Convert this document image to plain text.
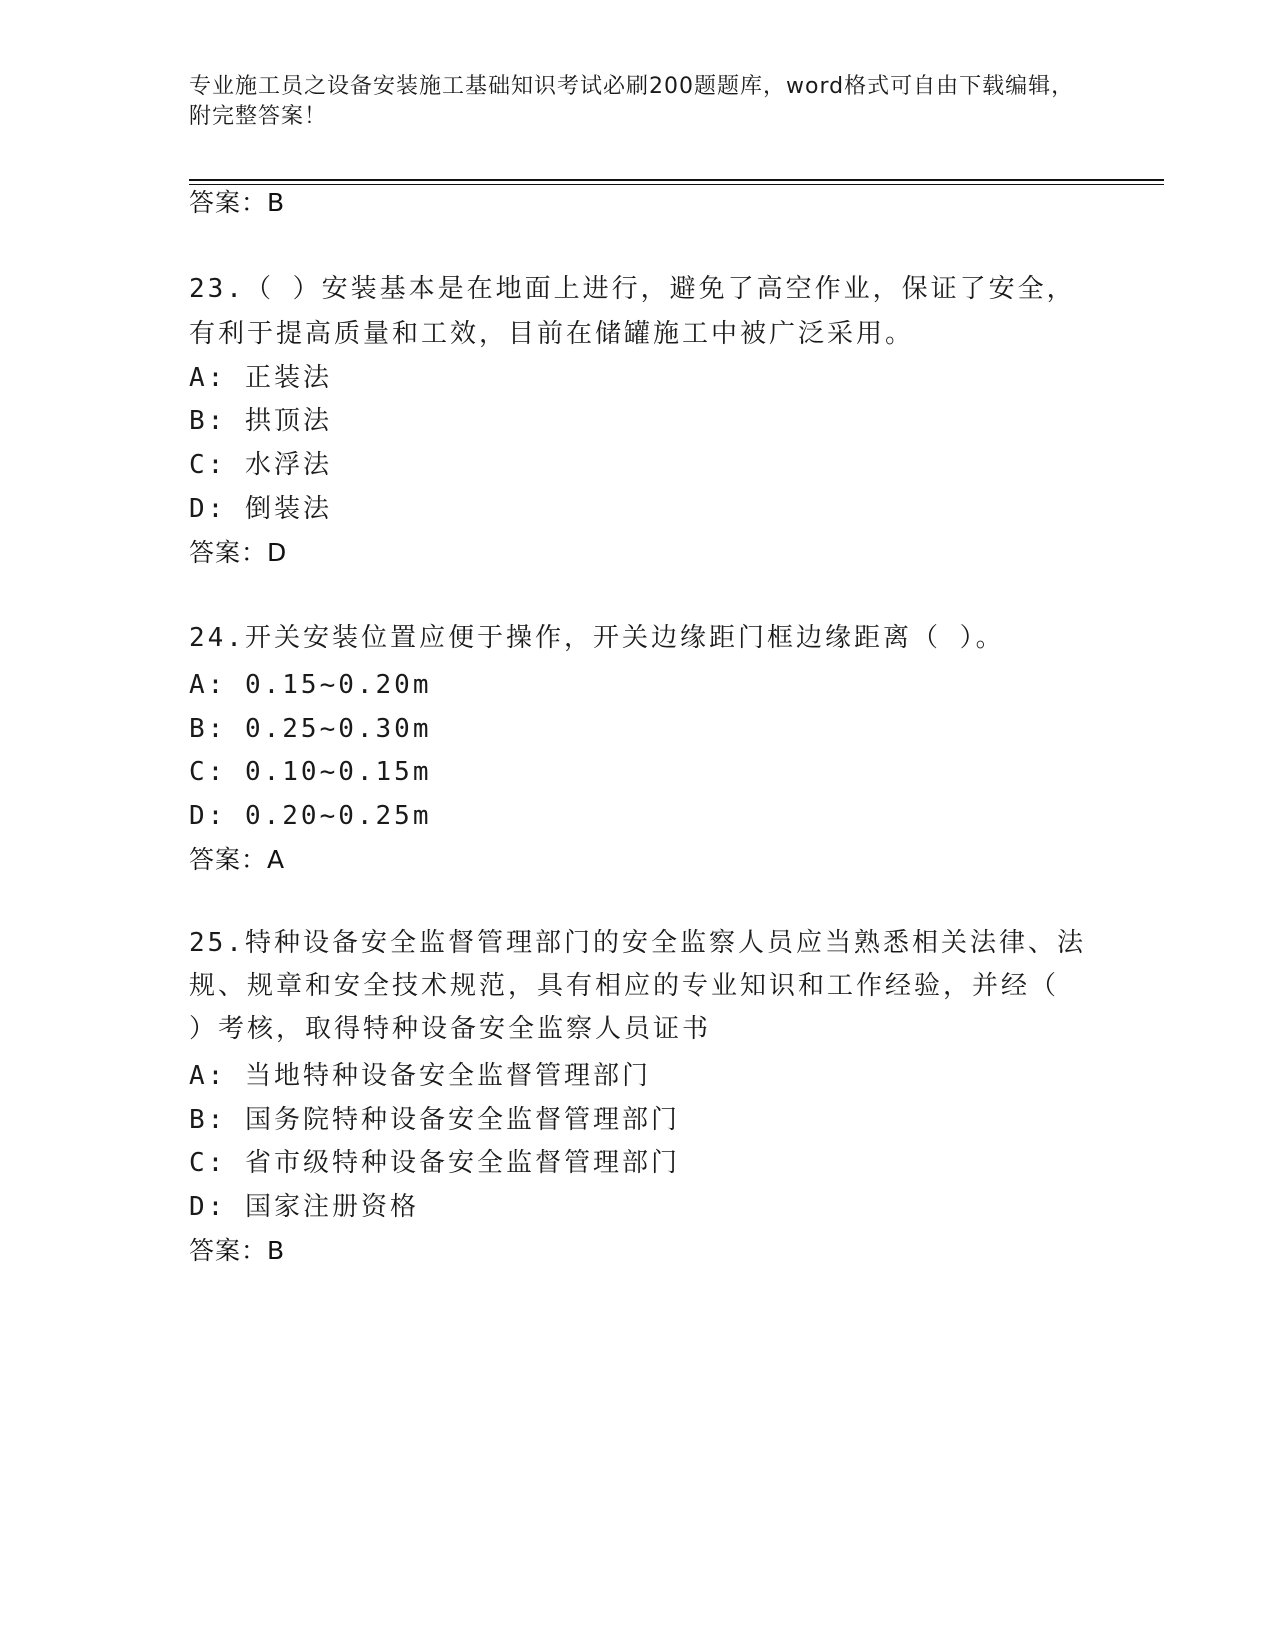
专业施工员之设备安装施工基础知识考试必刷200题题库，word格式可自由下载编辑，附完整答案！
答案：B
23.（ ）安装基本是在地面上进行，避免了高空作业，保证了安全，有利于提高质量和工效，目前在储罐施工中被广泛采用。
A: 正装法
B: 拱顶法
C: 水浮法
D: 倒装法
答案：D
24.开关安装位置应便于操作，开关边缘距门框边缘距离（ ）。
A: 0.15~0.20m
B: 0.25~0.30m
C: 0.10~0.15m
D: 0.20~0.25m
答案：A
25.特种设备安全监督管理部门的安全监察人员应当熟悉相关法律、法规、规章和安全技术规范，具有相应的专业知识和工作经验，并经（ ）考核，取得特种设备安全监察人员证书
A: 当地特种设备安全监督管理部门
B: 国务院特种设备安全监督管理部门
C: 省市级特种设备安全监督管理部门
D: 国家注册资格
答案：B
